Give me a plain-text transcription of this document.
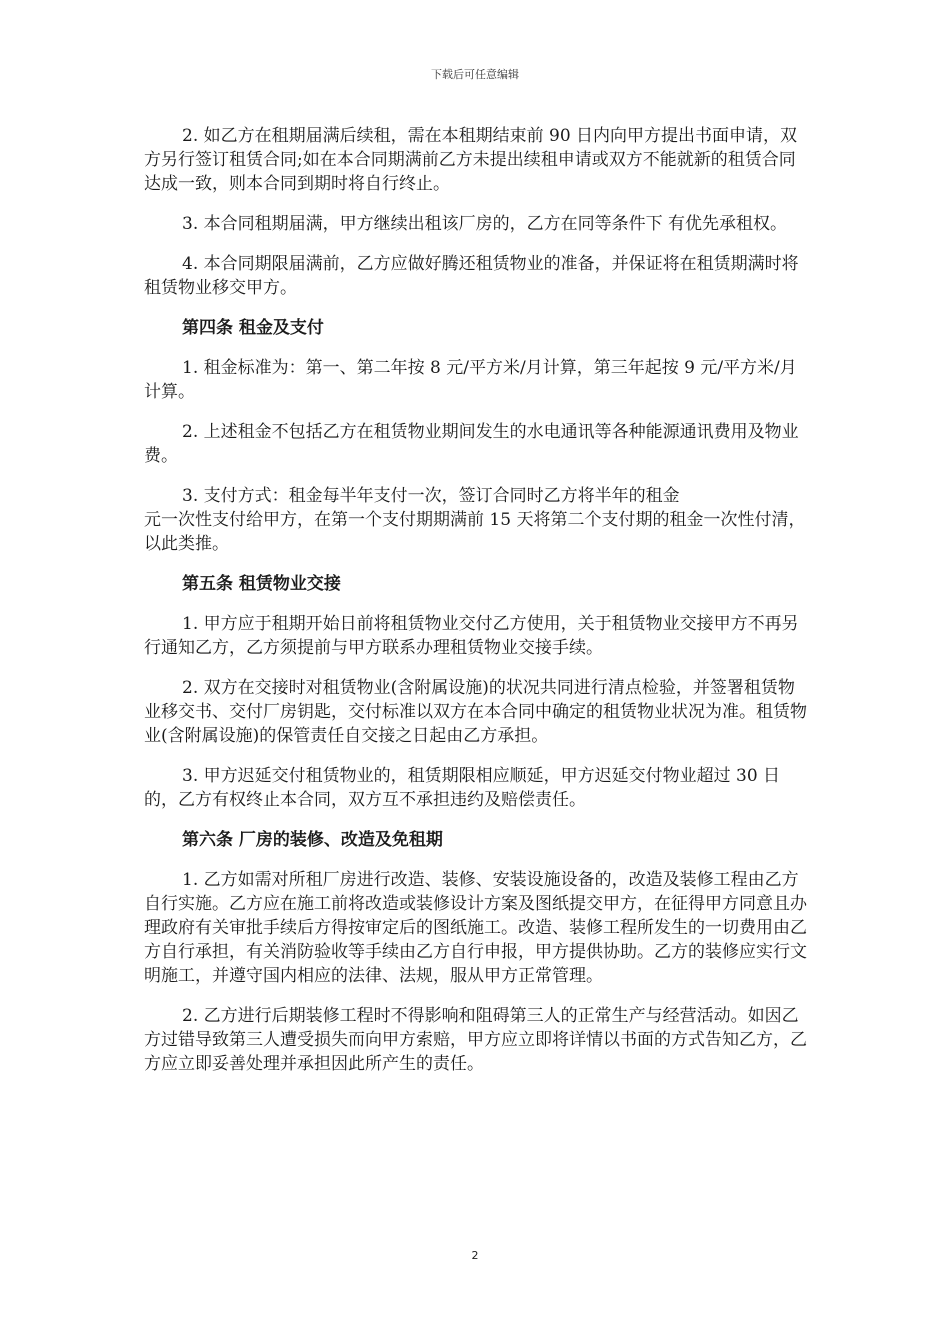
下载后可任意编辑

2. 如乙方在租期届满后续租，需在本租期结束前 90 日内向甲方提出书面申请，双方另行签订租赁合同;如在本合同期满前乙方未提出续租申请或双方不能就新的租赁合同达成一致，则本合同到期时将自行终止。

3. 本合同租期届满，甲方继续出租该厂房的，乙方在同等条件下 有优先承租权。

4. 本合同期限届满前，乙方应做好腾还租赁物业的准备，并保证将在租赁期满时将租赁物业移交甲方。

第四条 租金及支付

1. 租金标准为：第一、第二年按 8 元/平方米/月计算，第三年起按 9 元/平方米/月计算。

2. 上述租金不包括乙方在租赁物业期间发生的水电通讯等各种能源通讯费用及物业费。

3. 支付方式：租金每半年支付一次，签订合同时乙方将半年的租金　　　　　　　　　　　　　元一次性支付给甲方，在第一个支付期期满前 15 天将第二个支付期的租金一次性付清，以此类推。

第五条 租赁物业交接

1. 甲方应于租期开始日前将租赁物业交付乙方使用，关于租赁物业交接甲方不再另行通知乙方，乙方须提前与甲方联系办理租赁物业交接手续。

2. 双方在交接时对租赁物业(含附属设施)的状况共同进行清点检验，并签署租赁物业移交书、交付厂房钥匙，交付标准以双方在本合同中确定的租赁物业状况为准。租赁物业(含附属设施)的保管责任自交接之日起由乙方承担。

3. 甲方迟延交付租赁物业的，租赁期限相应顺延，甲方迟延交付物业超过 30 日的，乙方有权终止本合同，双方互不承担违约及赔偿责任。

第六条 厂房的装修、改造及免租期

1. 乙方如需对所租厂房进行改造、装修、安装设施设备的，改造及装修工程由乙方自行实施。乙方应在施工前将改造或装修设计方案及图纸提交甲方，在征得甲方同意且办理政府有关审批手续后方得按审定后的图纸施工。改造、装修工程所发生的一切费用由乙方自行承担，有关消防验收等手续由乙方自行申报，甲方提供协助。乙方的装修应实行文明施工，并遵守国内相应的法律、法规，服从甲方正常管理。

2. 乙方进行后期装修工程时不得影响和阻碍第三人的正常生产与经营活动。如因乙方过错导致第三人遭受损失而向甲方索赔，甲方应立即将详情以书面的方式告知乙方，乙方应立即妥善处理并承担因此所产生的责任。

2
